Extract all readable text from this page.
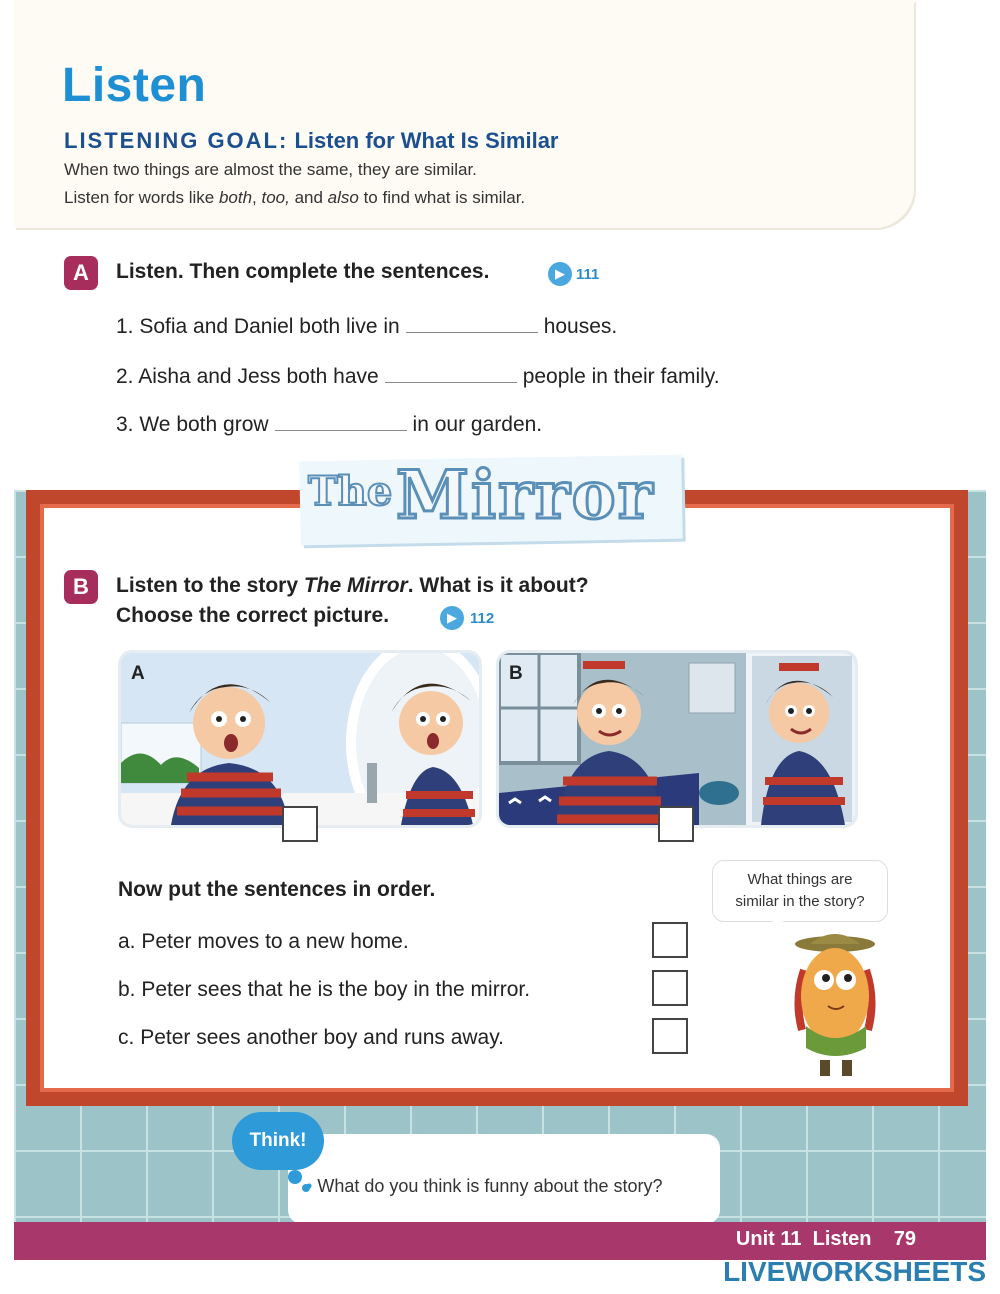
Listen
LISTENING GOAL: Listen for What Is Similar
When two things are almost the same, they are similar.
Listen for words like both, too, and also to find what is similar.
A	Listen. Then complete the sentences.	▶ 111
1. Sofia and Daniel both live in	houses.
2. Aisha and Jess both have	people in their family.
3. We both grow	in our garden.
The Mirror
B	Listen to the story The Mirror. What is it about?
Choose the correct picture.	▶ 112
A	B
Now put the sentences in order.
a. Peter moves to a new home.
b. Peter sees that he is the boy in the mirror.
c. Peter sees another boy and runs away.
What things are
similar in the story?
Think!
• What do you think is funny about the story?
Unit 11 Listen 79
LIVEWORKSHEETS
